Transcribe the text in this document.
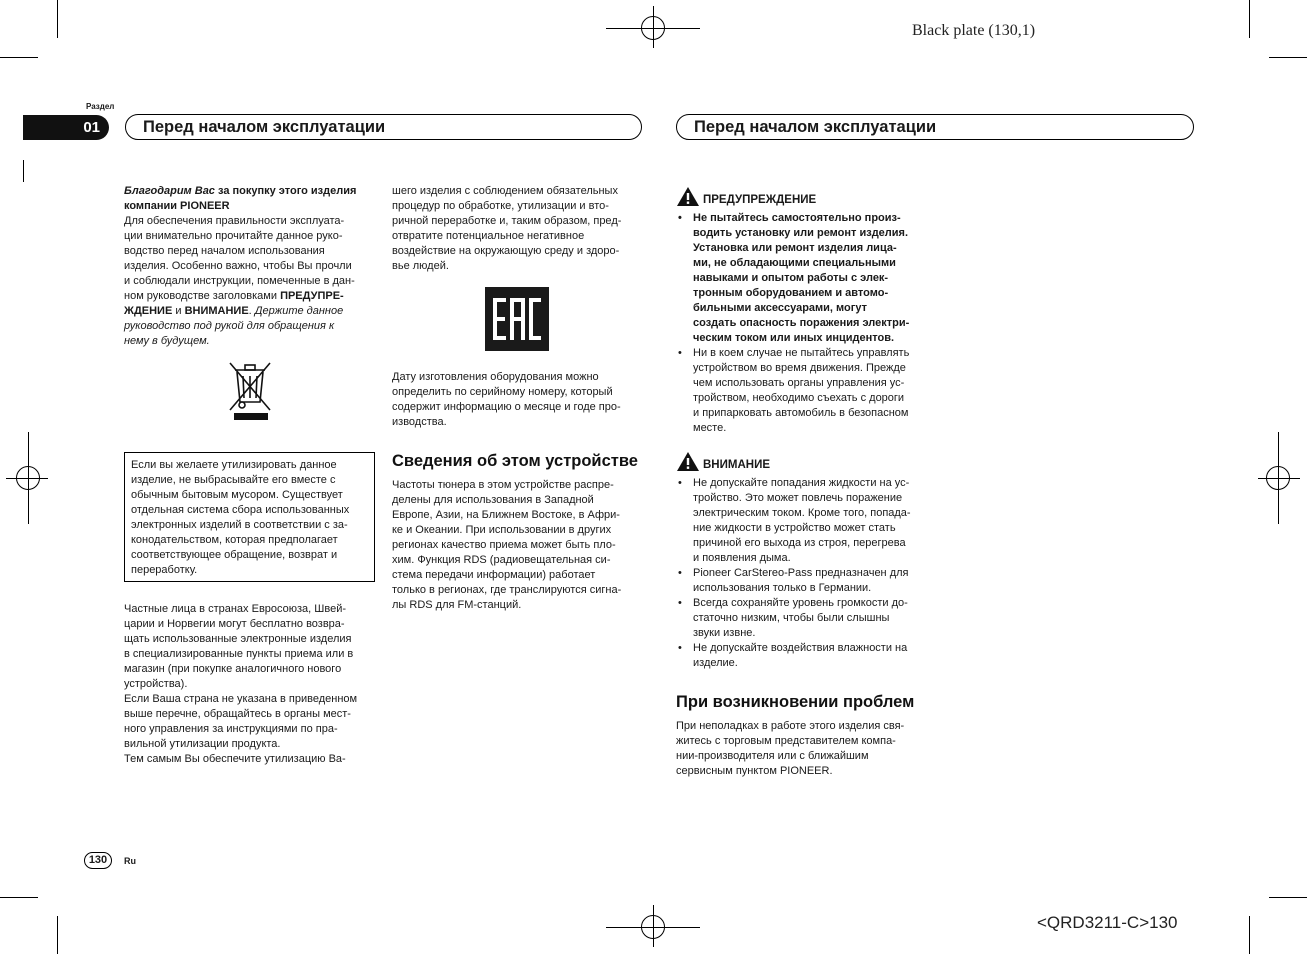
Black plate (130,1)
<QRD3211-C>130
Раздел
01	Перед началом эксплуатации	Перед началом эксплуатации

Благодарим Вас за покупку этого изделия

компании PIONEER

Для обеспечения правильности эксплуата-

ции внимательно прочитайте данное руко-

водство перед началом использования

изделия. Особенно важно, чтобы Вы прочли

и соблюдали инструкции, помеченные в дан-

ном руководстве заголовками ПРЕДУПРЕ-

ЖДЕНИЕ и ВНИМАНИЕ. Держите данное

руководство под рукой для обращения к

нему в будущем.

Если вы желаете утилизировать данное

изделие, не выбрасывайте его вместе с

обычным бытовым мусором. Существует

отдельная система сбора использованных

электронных изделий в соответствии с за-

конодательством, которая предполагает

соответствующее обращение, возврат и

переработку.

Частные лица в странах Евросоюза, Швей-

царии и Норвегии могут бесплатно возвра-

щать использованные электронные изделия

в специализированные пункты приема или в

магазин (при покупке аналогичного нового

устройства).

Если Ваша страна не указана в приведенном

выше перечне, обращайтесь в органы мест-

ного управления за инструкциями по пра-

вильной утилизации продукта.

Тем самым Вы обеспечите утилизацию Ва-

шего изделия с соблюдением обязательных

процедур по обработке, утилизации и вто-

ричной переработке и, таким образом, пред-

отвратите потенциальное негативное

воздействие на окружающую среду и здоро-

вье людей.

Дату изготовления оборудования можно

определить по серийному номеру, который

содержит информацию о месяце и годе про-

изводства.

Сведения об этом устройстве

Частоты тюнера в этом устройстве распре-

делены для использования в Западной

Европе, Азии, на Ближнем Востоке, в Афри-

ке и Океании. При использовании в других

регионах качество приема может быть пло-

хим. Функция RDS (радиовещательная си-

стема передачи информации) работает

только в регионах, где транслируются сигна-

лы RDS для FM-станций.

ПРЕДУПРЕЖДЕНИЕ

• Не пытайтесь самостоятельно произ-

водить установку или ремонт изделия.

Установка или ремонт изделия лица-

ми, не обладающими специальными

навыками и опытом работы с элек-

тронным оборудованием и автомо-

бильными аксессуарами, могут

создать опасность поражения электри-

ческим током или иных инцидентов.

• Ни в коем случае не пытайтесь управлять

устройством во время движения. Прежде

чем использовать органы управления ус-

тройством, необходимо съехать с дороги

и припарковать автомобиль в безопасном

месте.

ВНИМАНИЕ

• Не допускайте попадания жидкости на ус-

тройство. Это может повлечь поражение

электрическим током. Кроме того, попада-

ние жидкости в устройство может стать

причиной его выхода из строя, перегрева

и появления дыма.

• Pioneer CarStereo-Pass предназначен для

использования только в Германии.

• Всегда сохраняйте уровень громкости до-

статочно низким, чтобы были слышны

звуки извне.

• Не допускайте воздействия влажности на

изделие.

При возникновении проблем

При неполадках в работе этого изделия свя-

житесь с торговым представителем компа-

нии-производителя или с ближайшим

сервисным пунктом PIONEER.

130	Ru
